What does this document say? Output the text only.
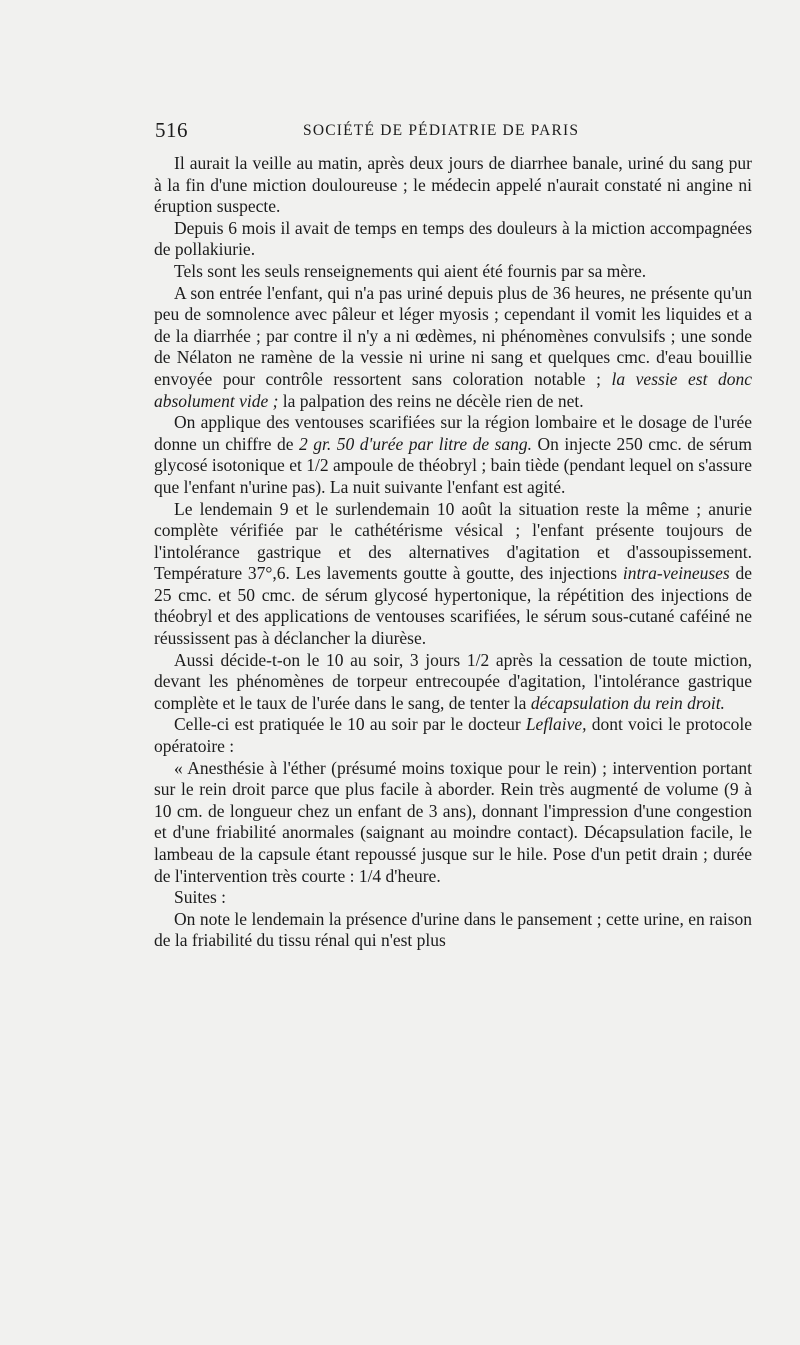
516	SOCIÉTÉ DE PÉDIATRIE DE PARIS

Il aurait la veille au matin, après deux jours de diarrhee banale, uriné du sang pur à la fin d'une miction douloureuse ; le médecin appelé n'aurait constaté ni angine ni éruption suspecte.

Depuis 6 mois il avait de temps en temps des douleurs à la miction accompagnées de pollakiurie.

Tels sont les seuls renseignements qui aient été fournis par sa mère.

A son entrée l'enfant, qui n'a pas uriné depuis plus de 36 heures, ne présente qu'un peu de somnolence avec pâleur et léger myosis ; cependant il vomit les liquides et a de la diarrhée ; par contre il n'y a ni œdèmes, ni phénomènes convulsifs ; une sonde de Nélaton ne ramène de la vessie ni urine ni sang et quelques cmc. d'eau bouillie envoyée pour contrôle ressortent sans coloration notable ; la vessie est donc absolument vide ; la palpation des reins ne décèle rien de net.

On applique des ventouses scarifiées sur la région lombaire et le dosage de l'urée donne un chiffre de 2 gr. 50 d'urée par litre de sang. On injecte 250 cmc. de sérum glycosé isotonique et 1/2 ampoule de théobryl ; bain tiède (pendant lequel on s'assure que l'enfant n'urine pas). La nuit suivante l'enfant est agité.

Le lendemain 9 et le surlendemain 10 août la situation reste la même ; anurie complète vérifiée par le cathétérisme vésical ; l'enfant présente toujours de l'intolérance gastrique et des alternatives d'agitation et d'assoupissement. Température 37°,6. Les lavements goutte à goutte, des injections intra-veineuses de 25 cmc. et 50 cmc. de sérum glycosé hypertonique, la répétition des injections de théobryl et des applications de ventouses scarifiées, le sérum sous-cutané caféiné ne réussissent pas à déclancher la diurèse.

Aussi décide-t-on le 10 au soir, 3 jours 1/2 après la cessation de toute miction, devant les phénomènes de torpeur entrecoupée d'agitation, l'intolérance gastrique complète et le taux de l'urée dans le sang, de tenter la décapsulation du rein droit.

Celle-ci est pratiquée le 10 au soir par le docteur Leflaive, dont voici le protocole opératoire :

« Anesthésie à l'éther (présumé moins toxique pour le rein) ; intervention portant sur le rein droit parce que plus facile à aborder. Rein très augmenté de volume (9 à 10 cm. de longueur chez un enfant de 3 ans), donnant l'impression d'une congestion et d'une friabilité anormales (saignant au moindre contact). Décapsulation facile, le lambeau de la capsule étant repoussé jusque sur le hile. Pose d'un petit drain ; durée de l'intervention très courte : 1/4 d'heure.

Suites :

On note le lendemain la présence d'urine dans le pansement ; cette urine, en raison de la friabilité du tissu rénal qui n'est plus
